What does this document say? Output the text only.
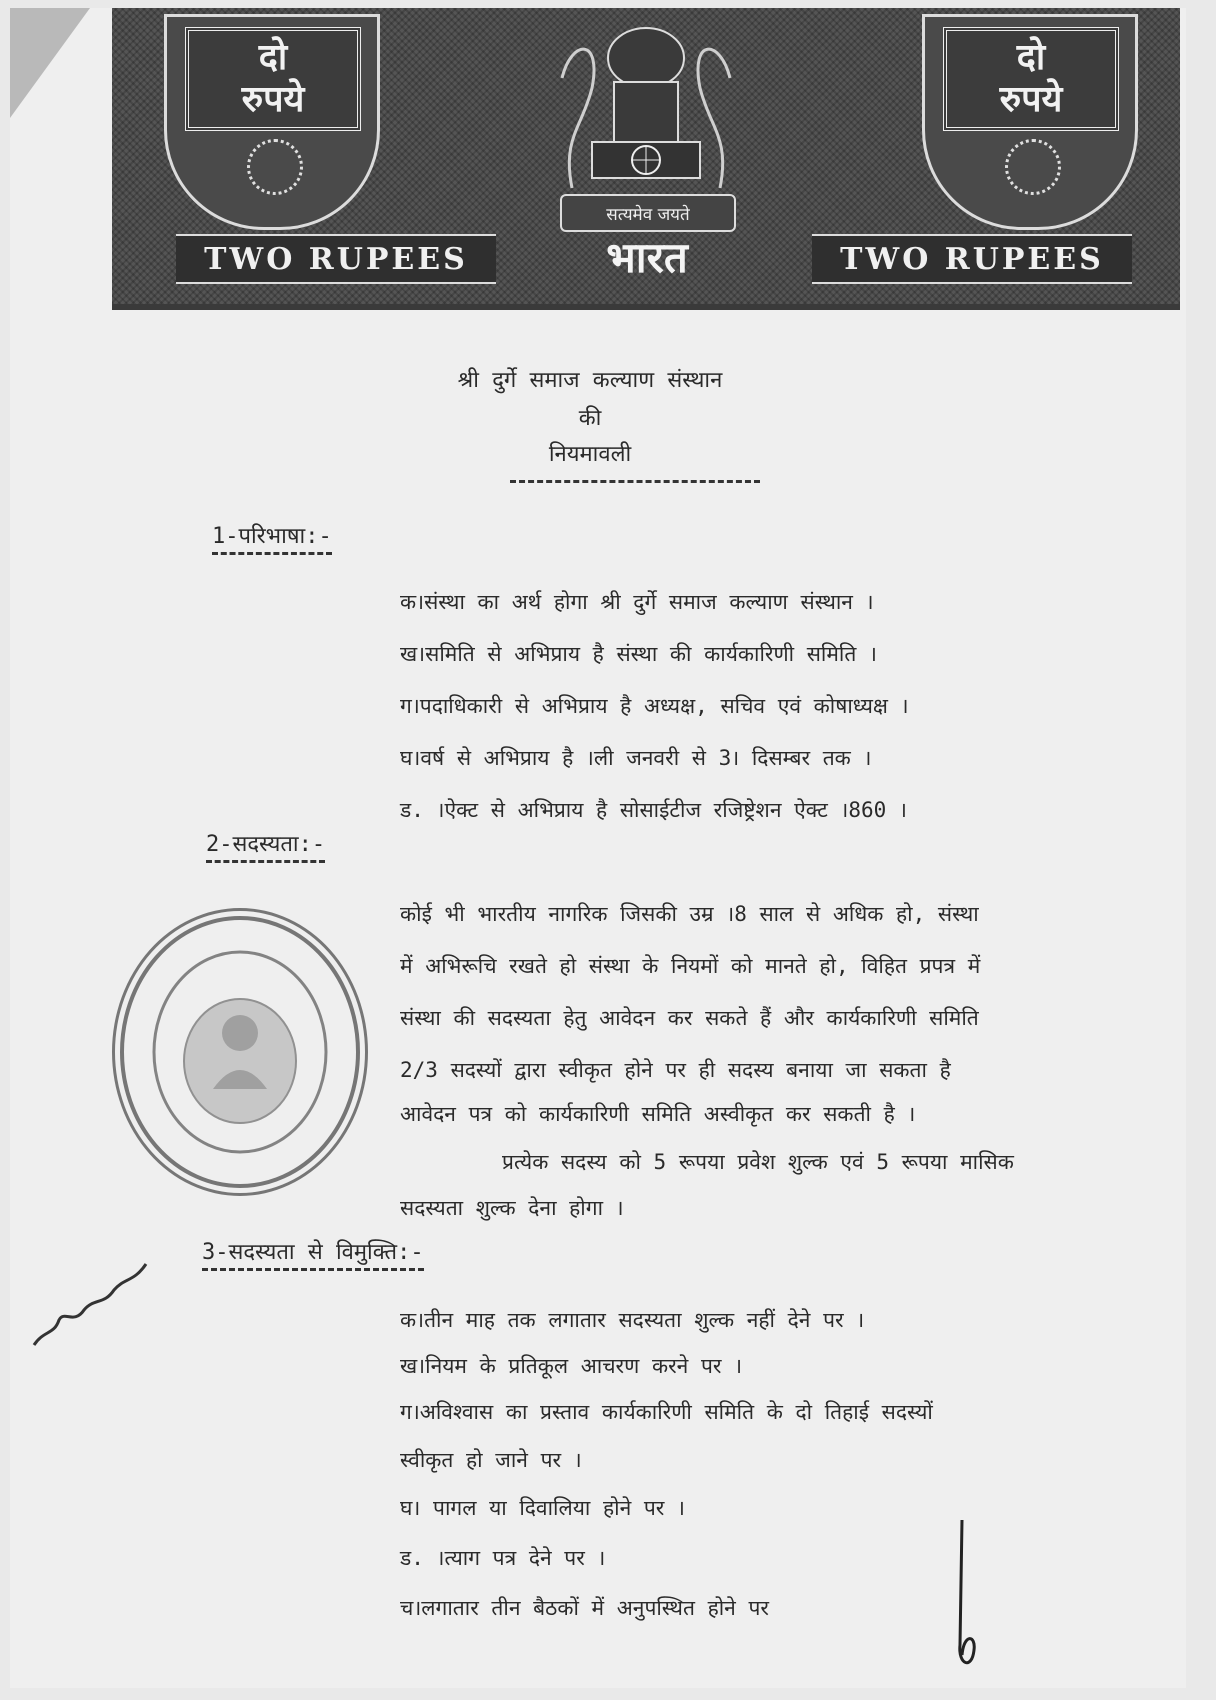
दो
रुपये
दो
रुपये
सत्यमेव जयते
TWO RUPEES	भारत	TWO RUPEES
श्री दुर्गे समाज कल्याण संस्थान
की
नियमावली
1-परिभाषा:-
क।संस्था का अर्थ होगा श्री दुर्गे समाज कल्याण संस्थान ।
ख।समिति से अभिप्राय है संस्था की कार्यकारिणी समिति ।
ग।पदाधिकारी से अभिप्राय है अध्यक्ष, सचिव एवं कोषाध्यक्ष ।
घ।वर्ष से अभिप्राय है ।ली जनवरी से 3। दिसम्बर तक ।
ड. ।ऐक्ट से अभिप्राय है सोसाईटीज रजिष्ट्रेशन ऐक्ट ।860 ।
2-सदस्यता:-
कोई भी भारतीय नागरिक जिसकी उम्र ।8 साल से अधिक हो, संस्था
में अभिरूचि रखते हो संस्था के नियमों को मानते हो, विहित प्रपत्र में
संस्था की सदस्यता हेतु आवेदन कर सकते हैं और कार्यकारिणी समिति
2/3 सदस्यों द्वारा स्वीकृत होने पर ही सदस्य बनाया जा सकता है
आवेदन पत्र को कार्यकारिणी समिति अस्वीकृत कर सकती है ।
प्रत्येक सदस्य को 5 रूपया प्रवेश शुल्क एवं 5 रूपया मासिक
सदस्यता शुल्क देना होगा ।
3-सदस्यता से विमुक्ति:-
क।तीन माह तक लगातार सदस्यता शुल्क नहीं देने पर ।
ख।नियम के प्रतिकूल आचरण करने पर ।
ग।अविश्वास का प्रस्ताव कार्यकारिणी समिति के दो तिहाई सदस्यों
स्वीकृत हो जाने पर ।
घ। पागल या दिवालिया होने पर ।
ड. ।त्याग पत्र देने पर ।
च।लगातार तीन बैठकों में अनुपस्थित होने पर
